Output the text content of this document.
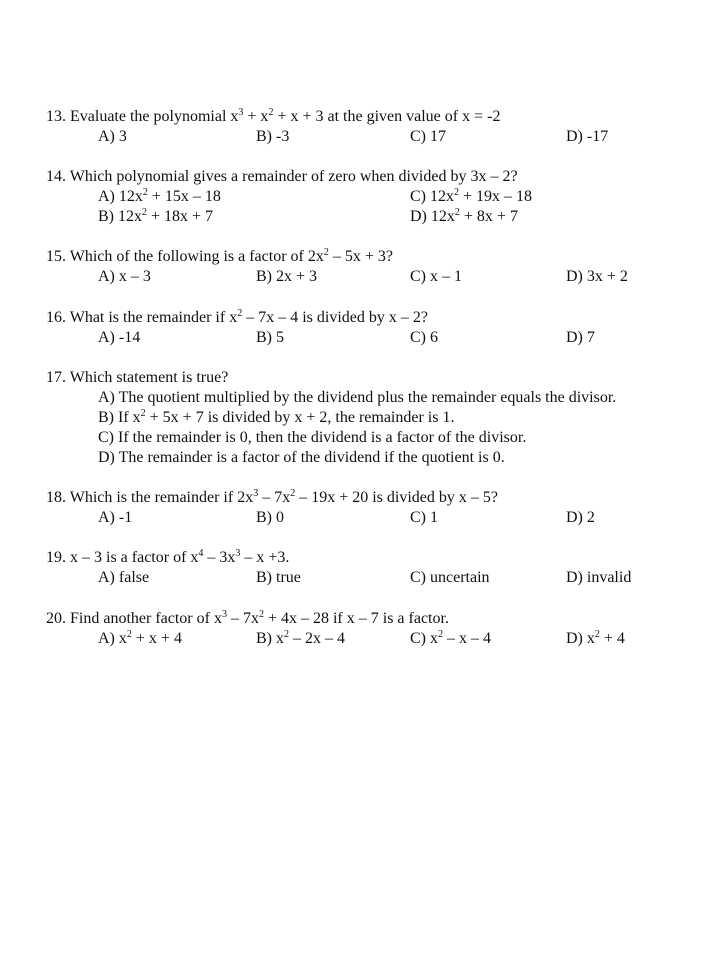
13. Evaluate the polynomial $x^3 + x^2 + x + 3$ at the given value of x = -2
A) 3	B) -3	C) 17	D) -17
14. Which polynomial gives a remainder of zero when divided by 3x – 2?
A) $12x^2 + 15x - 18$	C) $12x^2 + 19x - 18$
B) $12x^2 + 18x + 7$	D) $12x^2 + 8x + 7$
15. Which of the following is a factor of $2x^2 - 5x + 3$?
A) x – 3	B) 2x + 3	C) x – 1	D) 3x + 2
16. What is the remainder if $x^2 - 7x - 4$ is divided by x – 2?
A) -14	B) 5	C) 6	D) 7
17. Which statement is true?
A) The quotient multiplied by the dividend plus the remainder equals the divisor.
B) If $x^2 + 5x + 7$ is divided by x + 2, the remainder is 1.
C) If the remainder is 0, then the dividend is a factor of the divisor.
D) The remainder is a factor of the dividend if the quotient is 0.
18. Which is the remainder if $2x^3 - 7x^2 - 19x + 20$ is divided by x – 5?
A) -1	B) 0	C) 1	D) 2
19. x – 3 is a factor of $x^4 - 3x^3 - x +3$.
A) false	B) true	C) uncertain	D) invalid
20. Find another factor of $x^3 - 7x^2 + 4x - 28$ if x – 7 is a factor.
A) $x^2 + x + 4$	B) $x^2 - 2x - 4$	C) $x^2$ – x – 4	D) $x^2 + 4$
